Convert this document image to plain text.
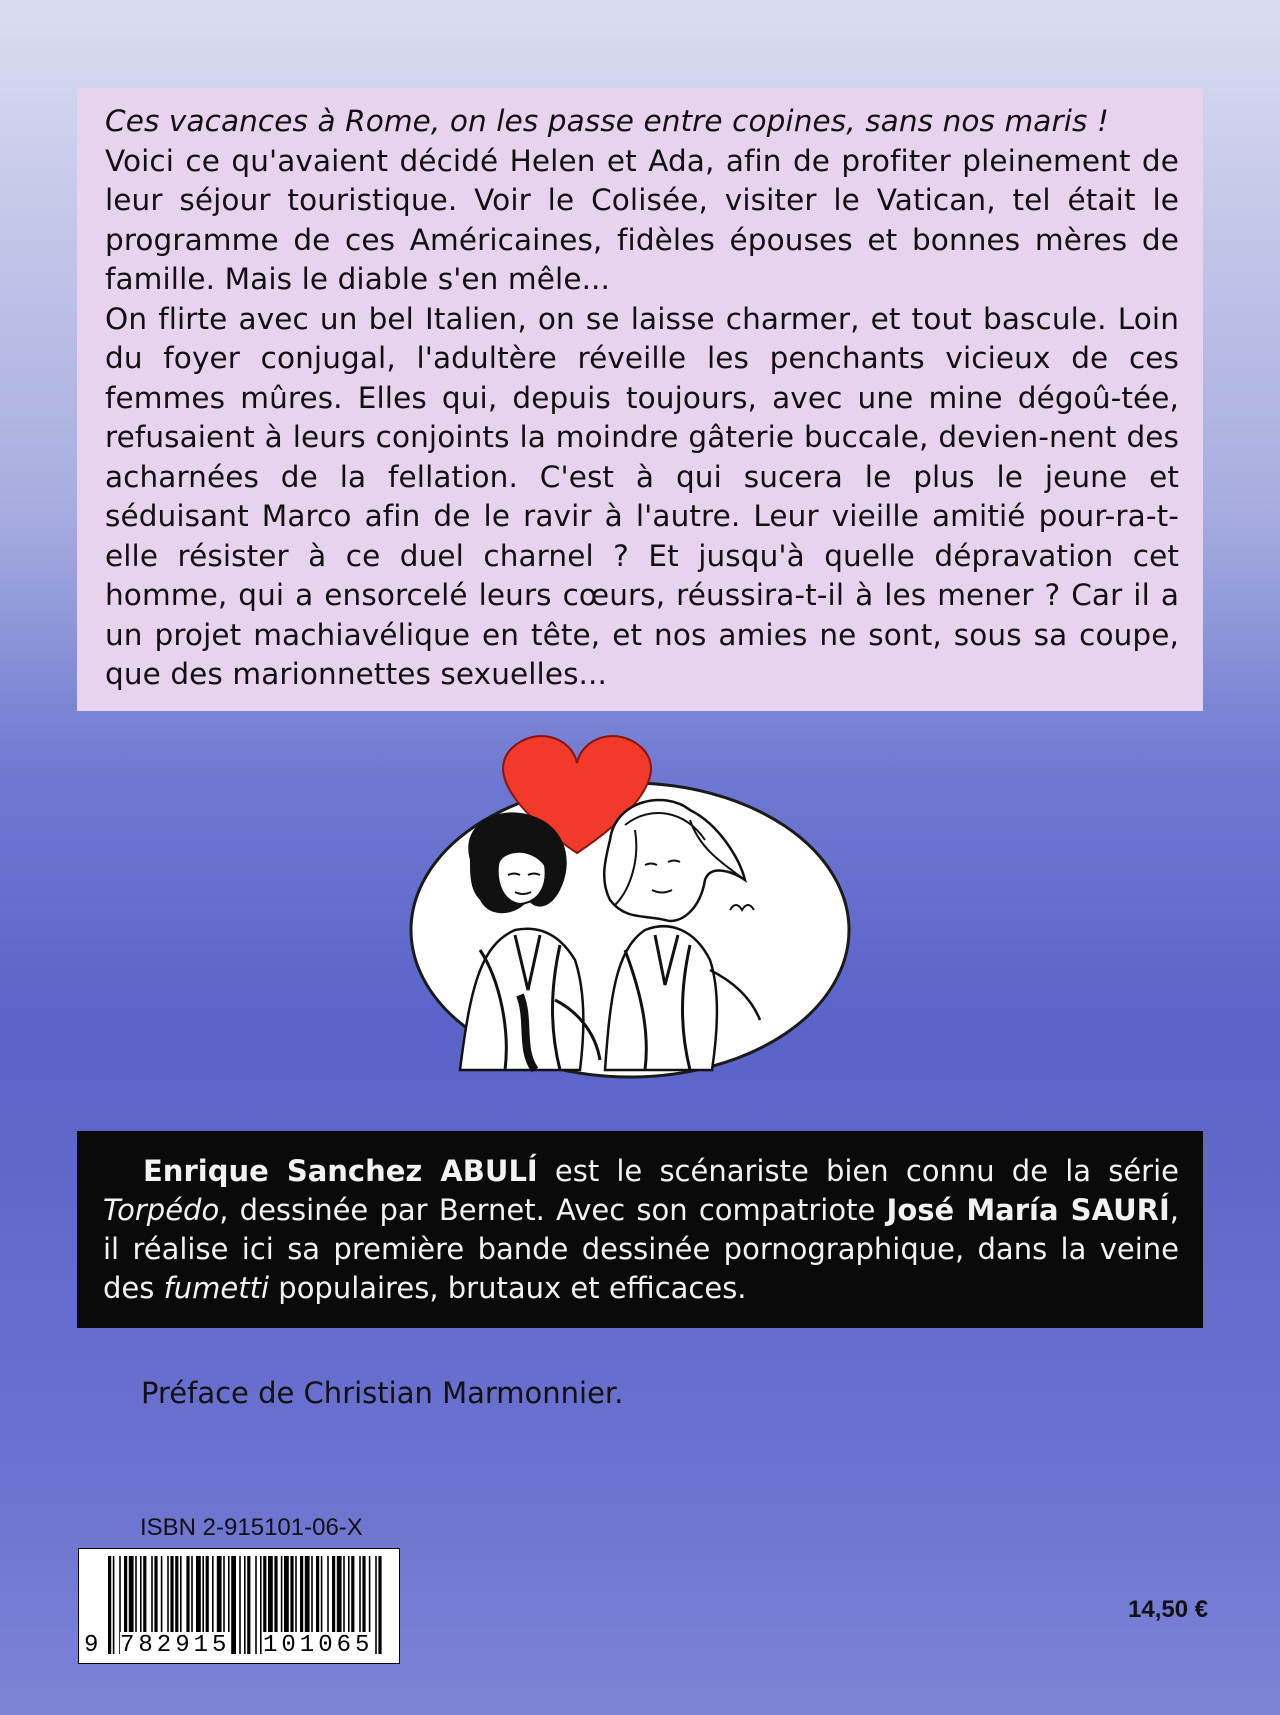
Ces vacances à Rome, on les passe entre copines, sans nos maris !

Voici ce qu'avaient décidé Helen et Ada, afin de profiter pleinement de leur séjour touristique. Voir le Colisée, visiter le Vatican, tel était le programme de ces Américaines, fidèles épouses et bonnes mères de famille. Mais le diable s'en mêle...

On flirte avec un bel Italien, on se laisse charmer, et tout bascule. Loin du foyer conjugal, l'adultère réveille les penchants vicieux de ces femmes mûres. Elles qui, depuis toujours, avec une mine dégoû-tée, refusaient à leurs conjoints la moindre gâterie buccale, devien-nent des acharnées de la fellation. C'est à qui sucera le plus le jeune et séduisant Marco afin de le ravir à l'autre. Leur vieille amitié pour-ra-t-elle résister à ce duel charnel ? Et jusqu'à quelle dépravation cet homme, qui a ensorcelé leurs cœurs, réussira-t-il à les mener ? Car il a un projet machiavélique en tête, et nos amies ne sont, sous sa coupe, que des marionnettes sexuelles...

Enrique Sanchez ABULÍ est le scénariste bien connu de la série Torpédo, dessinée par Bernet. Avec son compatriote José María SAURÍ, il réalise ici sa première bande dessinée pornographique, dans la veine des fumetti populaires, brutaux et efficaces.

Préface de Christian Marmonnier.
ISBN 2-915101-06-X
9 782915 101065
14,50 €
